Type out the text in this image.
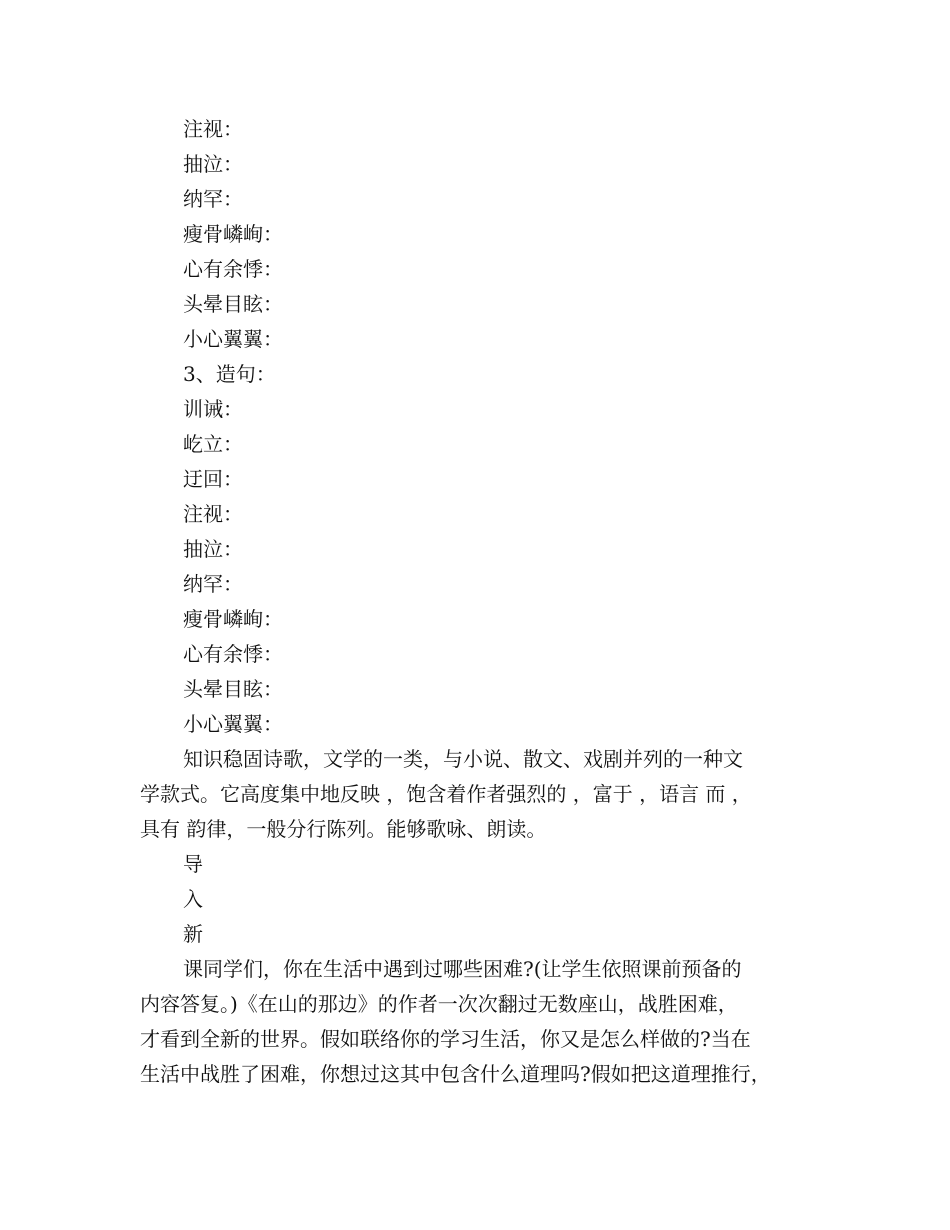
注视：
抽泣：
纳罕：
瘦骨嶙峋：
心有余悸：
头晕目眩：
小心翼翼：
3、造句：
训诫：
屹立：
迂回：
注视：
抽泣：
纳罕：
瘦骨嶙峋：
心有余悸：
头晕目眩：
小心翼翼：
知识稳固诗歌，文学的一类，与小说、散文、戏剧并列的一种文
学款式。它高度集中地反映 ，饱含着作者强烈的 ，富于 ，语言 而 ，
具有 韵律，一般分行陈列。能够歌咏、朗读。
导
入
新
课同学们，你在生活中遇到过哪些困难?(让学生依照课前预备的
内容答复。)《在山的那边》的作者一次次翻过无数座山，战胜困难，
才看到全新的世界。假如联络你的学习生活，你又是怎么样做的?当在
生活中战胜了困难，你想过这其中包含什么道理吗?假如把这道理推行，
